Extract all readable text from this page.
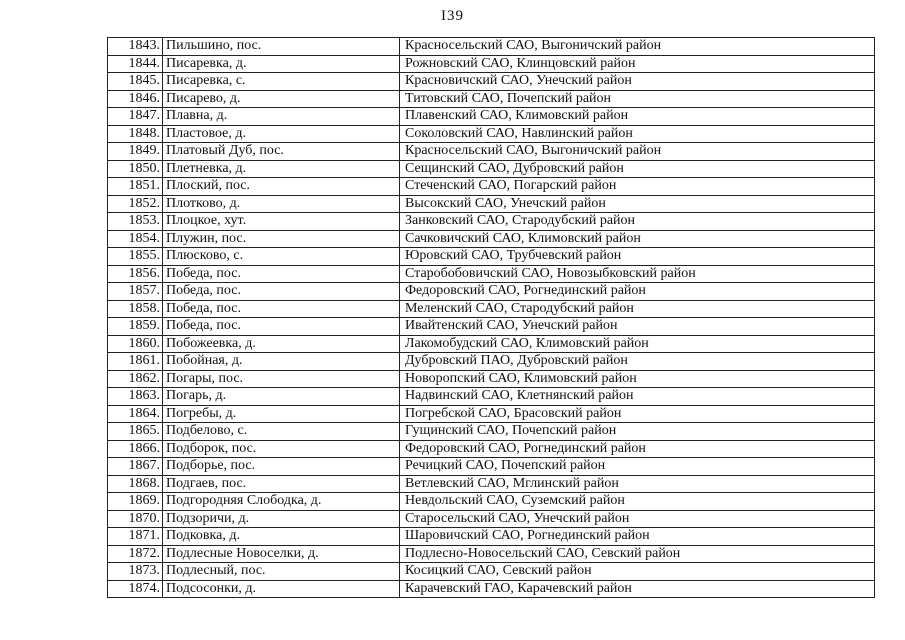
I39
1843.	Пильшино, пос.	Красносельский САО, Выгоничский район
1844.	Писаревка, д.	Рожновский САО, Клинцовский район
1845.	Писаревка, с.	Красновичский САО, Унечский район
1846.	Писарево, д.	Титовский САО, Почепский район
1847.	Плавна, д.	Плавенский САО, Климовский район
1848.	Пластовое, д.	Соколовский САО, Навлинский район
1849.	Платовый Дуб, пос.	Красносельский САО, Выгоничский район
1850.	Плетневка, д.	Сещинский САО, Дубровский район
1851.	Плоский, пос.	Стеченский САО, Погарский район
1852.	Плотково, д.	Высокский САО, Унечский район
1853.	Плоцкое, хут.	Занковский САО, Стародубский район
1854.	Плужин, пос.	Сачковичский САО, Климовский район
1855.	Плюсково, с.	Юровский САО, Трубчевский район
1856.	Победа, пос.	Старобобовичский САО, Новозыбковский район
1857.	Победа, пос.	Федоровский САО, Рогнединский район
1858.	Победа, пос.	Меленский САО, Стародубский район
1859.	Победа, пос.	Ивайтенский САО, Унечский район
1860.	Побожеевка, д.	Лакомобудский САО, Климовский район
1861.	Побойная, д.	Дубровский ПАО, Дубровский район
1862.	Погары, пос.	Новоропский САО, Климовский район
1863.	Погарь, д.	Надвинский САО, Клетнянский район
1864.	Погребы, д.	Погребской САО, Брасовский район
1865.	Подбелово, с.	Гущинский САО, Почепский район
1866.	Подборок, пос.	Федоровский САО, Рогнединский район
1867.	Подборье, пос.	Речицкий САО, Почепский район
1868.	Подгаев, пос.	Ветлевский САО, Мглинский район
1869.	Подгородняя Слободка, д.	Невдольский САО, Суземский район
1870.	Подзоричи, д.	Старосельский САО, Унечский район
1871.	Подковка, д.	Шаровичский САО, Рогнединский район
1872.	Подлесные Новоселки, д.	Подлесно-Новосельский САО, Севский район
1873.	Подлесный, пос.	Косицкий САО, Севский район
1874.	Подсосонки, д.	Карачевский ГАО, Карачевский район
